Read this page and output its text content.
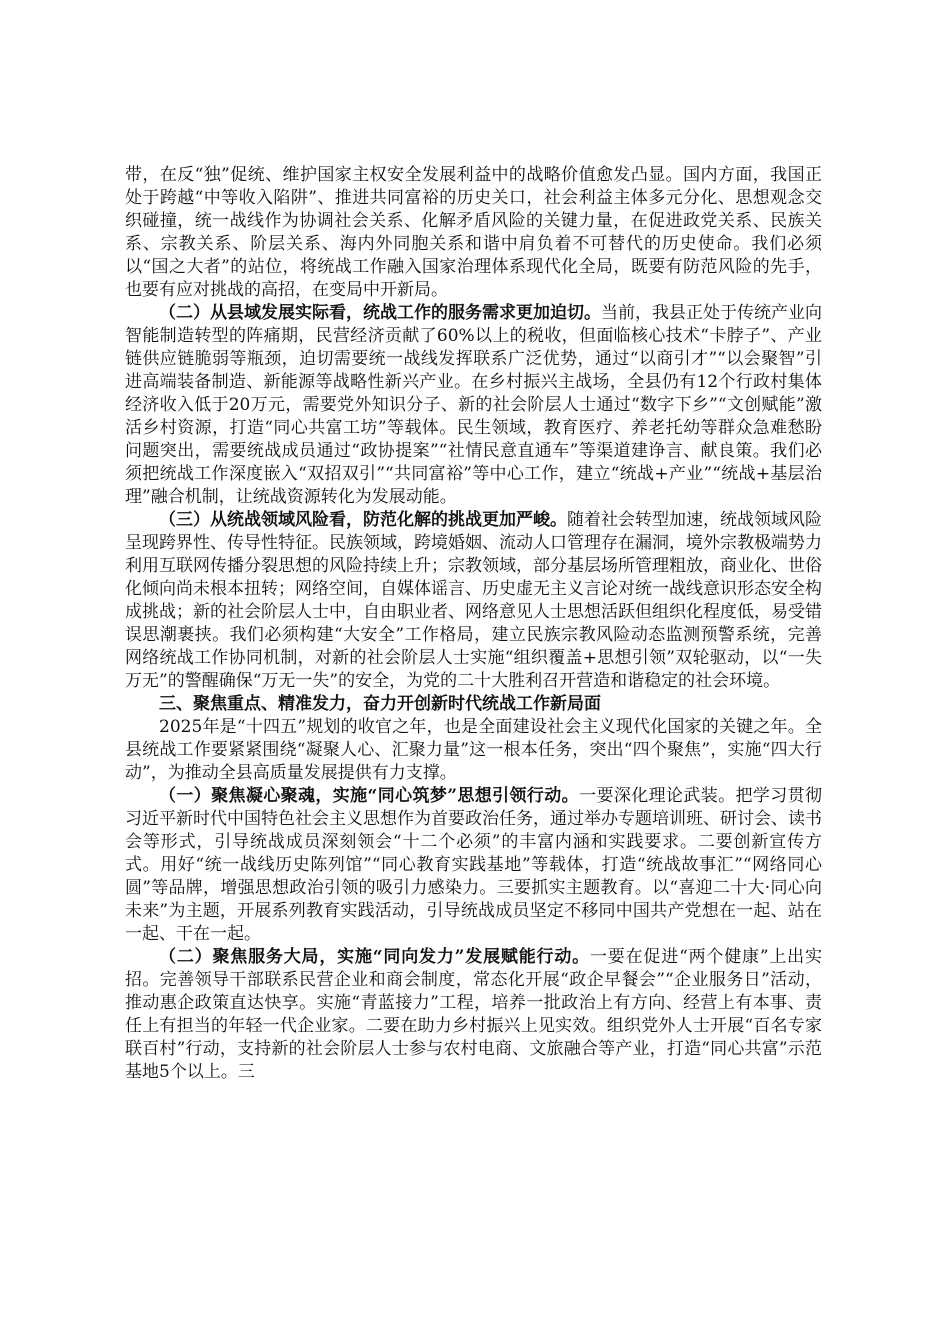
带，在反“独”促统、维护国家主权安全发展利益中的战略价值愈发凸显。国内方面，我国正处于跨越“中等收入陷阱”、推进共同富裕的历史关口，社会利益主体多元分化、思想观念交织碰撞，统一战线作为协调社会关系、化解矛盾风险的关键力量，在促进政党关系、民族关系、宗教关系、阶层关系、海内外同胞关系和谐中肩负着不可替代的历史使命。我们必须以“国之大者”的站位，将统战工作融入国家治理体系现代化全局，既要有防范风险的先手，也要有应对挑战的高招，在变局中开新局。

（二）从县域发展实际看，统战工作的服务需求更加迫切。当前，我县正处于传统产业向智能制造转型的阵痛期，民营经济贡献了60%以上的税收，但面临核心技术“卡脖子”、产业链供应链脆弱等瓶颈，迫切需要统一战线发挥联系广泛优势，通过“以商引才”“以会聚智”引进高端装备制造、新能源等战略性新兴产业。在乡村振兴主战场，全县仍有12个行政村集体经济收入低于20万元，需要党外知识分子、新的社会阶层人士通过“数字下乡”“文创赋能”激活乡村资源，打造“同心共富工坊”等载体。民生领域，教育医疗、养老托幼等群众急难愁盼问题突出，需要统战成员通过“政协提案”“社情民意直通车”等渠道建诤言、献良策。我们必须把统战工作深度嵌入“双招双引”“共同富裕”等中心工作，建立“统战+产业”“统战+基层治理”融合机制，让统战资源转化为发展动能。

（三）从统战领域风险看，防范化解的挑战更加严峻。随着社会转型加速，统战领域风险呈现跨界性、传导性特征。民族领域，跨境婚姻、流动人口管理存在漏洞，境外宗教极端势力利用互联网传播分裂思想的风险持续上升；宗教领域，部分基层场所管理粗放，商业化、世俗化倾向尚未根本扭转；网络空间，自媒体谣言、历史虚无主义言论对统一战线意识形态安全构成挑战；新的社会阶层人士中，自由职业者、网络意见人士思想活跃但组织化程度低，易受错误思潮裹挟。我们必须构建“大安全”工作格局，建立民族宗教风险动态监测预警系统，完善网络统战工作协同机制，对新的社会阶层人士实施“组织覆盖+思想引领”双轮驱动，以“一失万无”的警醒确保“万无一失”的安全，为党的二十大胜利召开营造和谐稳定的社会环境。

三、聚焦重点、精准发力，奋力开创新时代统战工作新局面

2025年是“十四五”规划的收官之年，也是全面建设社会主义现代化国家的关键之年。全县统战工作要紧紧围绕“凝聚人心、汇聚力量”这一根本任务，突出“四个聚焦”，实施“四大行动”，为推动全县高质量发展提供有力支撑。

（一）聚焦凝心聚魂，实施“同心筑梦”思想引领行动。一要深化理论武装。把学习贯彻习近平新时代中国特色社会主义思想作为首要政治任务，通过举办专题培训班、研讨会、读书会等形式，引导统战成员深刻领会“十二个必须”的丰富内涵和实践要求。二要创新宣传方式。用好“统一战线历史陈列馆”“同心教育实践基地”等载体，打造“统战故事汇”“网络同心圆”等品牌，增强思想政治引领的吸引力感染力。三要抓实主题教育。以“喜迎二十大·同心向未来”为主题，开展系列教育实践活动，引导统战成员坚定不移同中国共产党想在一起、站在一起、干在一起。

（二）聚焦服务大局，实施“同向发力”发展赋能行动。一要在促进“两个健康”上出实招。完善领导干部联系民营企业和商会制度，常态化开展“政企早餐会”“企业服务日”活动，推动惠企政策直达快享。实施“青蓝接力”工程，培养一批政治上有方向、经营上有本事、责任上有担当的年轻一代企业家。二要在助力乡村振兴上见实效。组织党外人士开展“百名专家联百村”行动，支持新的社会阶层人士参与农村电商、文旅融合等产业，打造“同心共富”示范基地5个以上。三
